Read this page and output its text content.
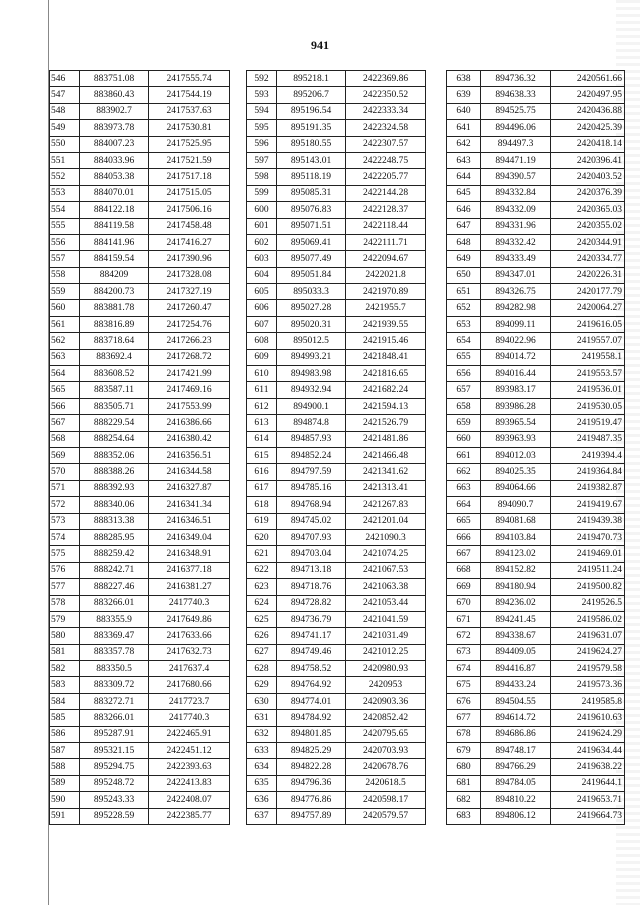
941
546	883751.08	2417555.74
547	883860.43	2417544.19
548	883902.7	2417537.63
549	883973.78	2417530.81
550	884007.23	2417525.95
551	884033.96	2417521.59
552	884053.38	2417517.18
553	884070.01	2417515.05
554	884122.18	2417506.16
555	884119.58	2417458.48
556	884141.96	2417416.27
557	884159.54	2417390.96
558	884209	2417328.08
559	884200.73	2417327.19
560	883881.78	2417260.47
561	883816.89	2417254.76
562	883718.64	2417266.23
563	883692.4	2417268.72
564	883608.52	2417421.99
565	883587.11	2417469.16
566	883505.71	2417553.99
567	888229.54	2416386.66
568	888254.64	2416380.42
569	888352.06	2416356.51
570	888388.26	2416344.58
571	888392.93	2416327.87
572	888340.06	2416341.34
573	888313.38	2416346.51
574	888285.95	2416349.04
575	888259.42	2416348.91
576	888242.71	2416377.18
577	888227.46	2416381.27
578	883266.01	2417740.3
579	883355.9	2417649.86
580	883369.47	2417633.66
581	883357.78	2417632.73
582	883350.5	2417637.4
583	883309.72	2417680.66
584	883272.71	2417723.7
585	883266.01	2417740.3
586	895287.91	2422465.91
587	895321.15	2422451.12
588	895294.75	2422393.63
589	895248.72	2422413.83
590	895243.33	2422408.07
591	895228.59	2422385.77
592	895218.1	2422369.86
593	895206.7	2422350.52
594	895196.54	2422333.34
595	895191.35	2422324.58
596	895180.55	2422307.57
597	895143.01	2422248.75
598	895118.19	2422205.77
599	895085.31	2422144.28
600	895076.83	2422128.37
601	895071.51	2422118.44
602	895069.41	2422111.71
603	895077.49	2422094.67
604	895051.84	2422021.8
605	895033.3	2421970.89
606	895027.28	2421955.7
607	895020.31	2421939.55
608	895012.5	2421915.46
609	894993.21	2421848.41
610	894983.98	2421816.65
611	894932.94	2421682.24
612	894900.1	2421594.13
613	894874.8	2421526.79
614	894857.93	2421481.86
615	894852.24	2421466.48
616	894797.59	2421341.62
617	894785.16	2421313.41
618	894768.94	2421267.83
619	894745.02	2421201.04
620	894707.93	2421090.3
621	894703.04	2421074.25
622	894713.18	2421067.53
623	894718.76	2421063.38
624	894728.82	2421053.44
625	894736.79	2421041.59
626	894741.17	2421031.49
627	894749.46	2421012.25
628	894758.52	2420980.93
629	894764.92	2420953
630	894774.01	2420903.36
631	894784.92	2420852.42
632	894801.85	2420795.65
633	894825.29	2420703.93
634	894822.28	2420678.76
635	894796.36	2420618.5
636	894776.86	2420598.17
637	894757.89	2420579.57
638	894736.32	2420561.66
639	894638.33	2420497.95
640	894525.75	2420436.88
641	894496.06	2420425.39
642	894497.3	2420418.14
643	894471.19	2420396.41
644	894390.57	2420403.52
645	894332.84	2420376.39
646	894332.09	2420365.03
647	894331.96	2420355.02
648	894332.42	2420344.91
649	894333.49	2420334.77
650	894347.01	2420226.31
651	894326.75	2420177.79
652	894282.98	2420064.27
653	894099.11	2419616.05
654	894022.96	2419557.07
655	894014.72	2419558.1
656	894016.44	2419553.57
657	893983.17	2419536.01
658	893986.28	2419530.05
659	893965.54	2419519.47
660	893963.93	2419487.35
661	894012.03	2419394.4
662	894025.35	2419364.84
663	894064.66	2419382.87
664	894090.7	2419419.67
665	894081.68	2419439.38
666	894103.84	2419470.73
667	894123.02	2419469.01
668	894152.82	2419511.24
669	894180.94	2419500.82
670	894236.02	2419526.5
671	894241.45	2419586.02
672	894338.67	2419631.07
673	894409.05	2419624.27
674	894416.87	2419579.58
675	894433.24	2419573.36
676	894504.55	2419585.8
677	894614.72	2419610.63
678	894686.86	2419624.29
679	894748.17	2419634.44
680	894766.29	2419638.22
681	894784.05	2419644.1
682	894810.22	2419653.71
683	894806.12	2419664.73
